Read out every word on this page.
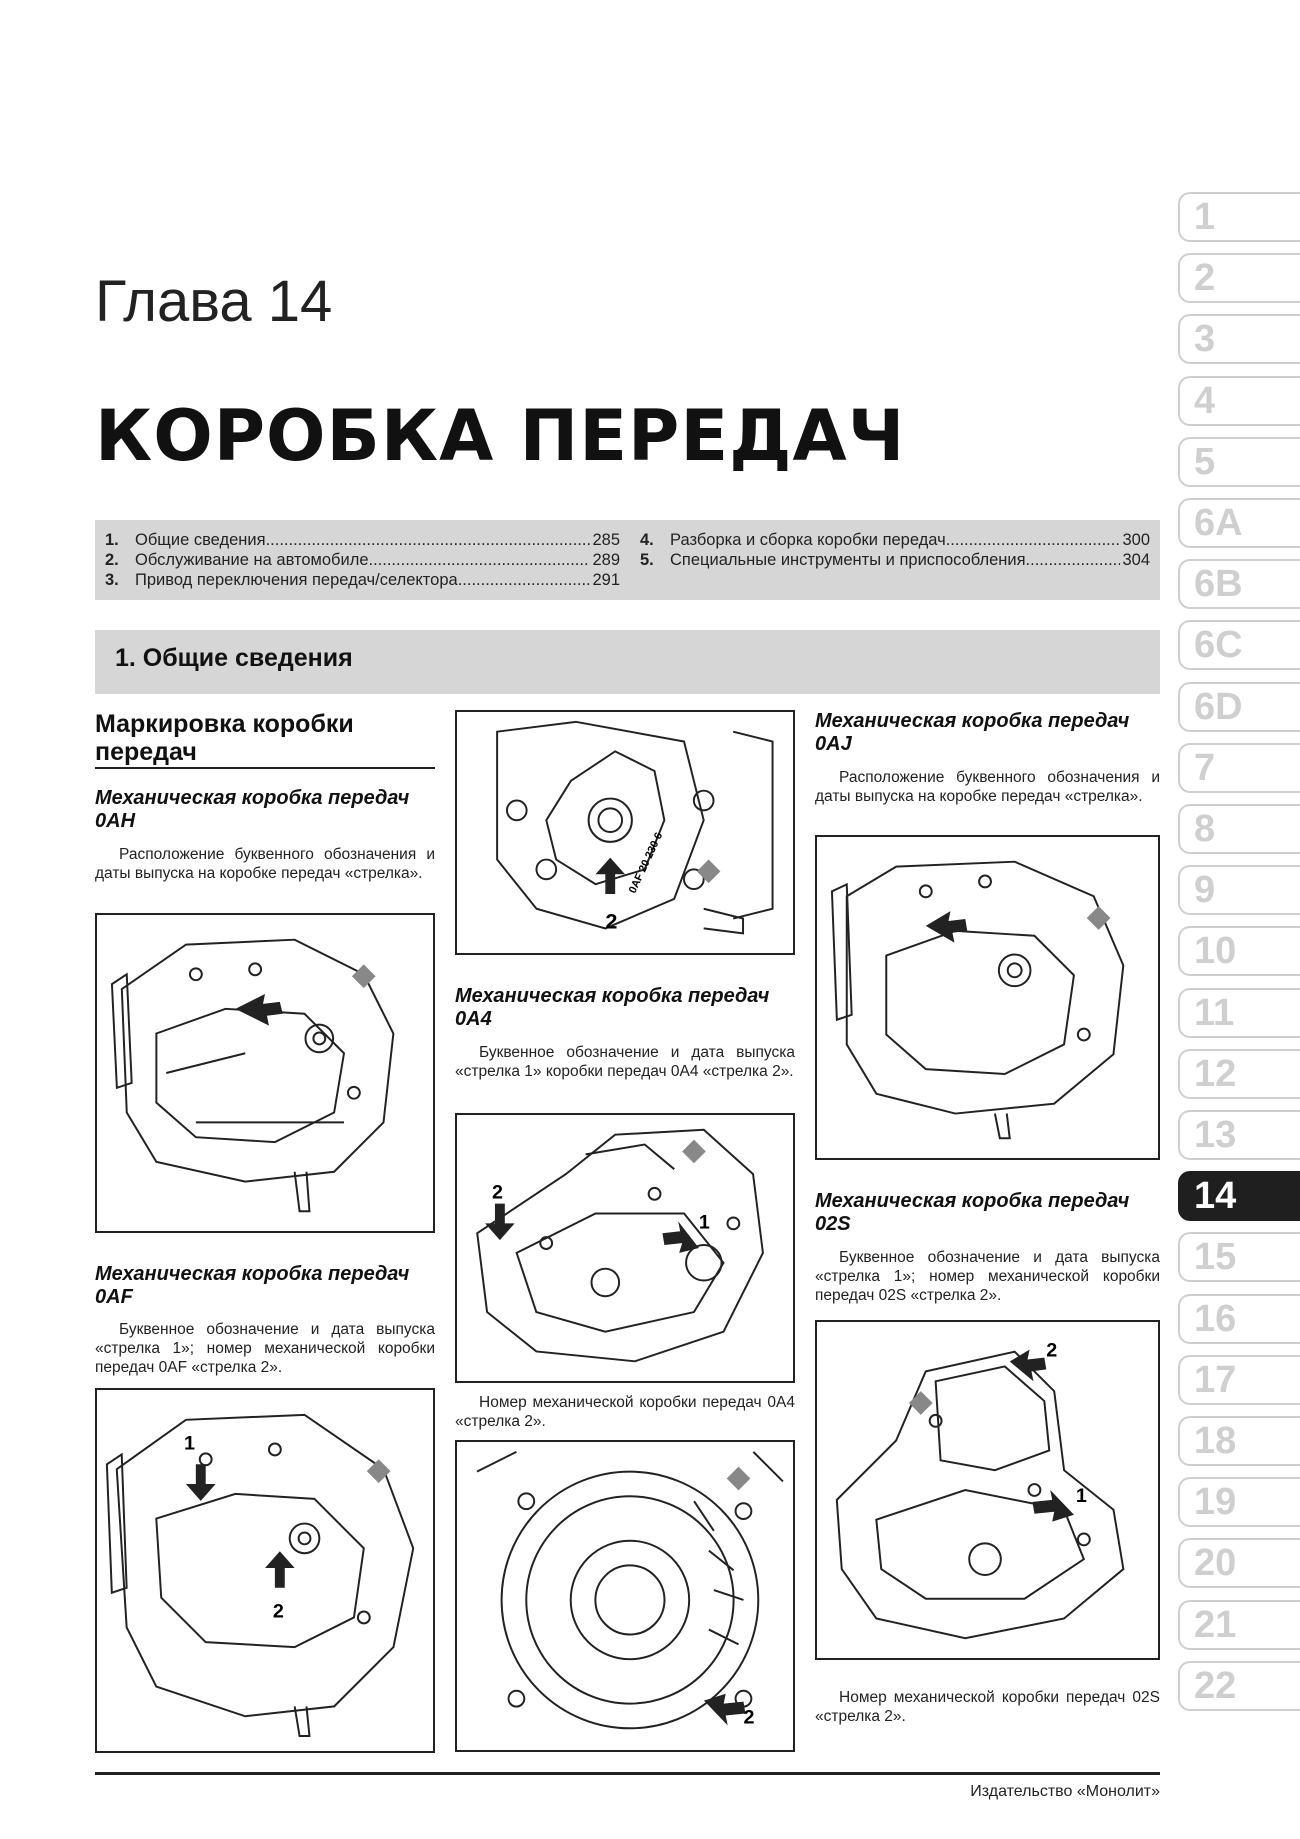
Глава 14
КОРОБКА ПЕРЕДАЧ
1. Общие сведения .....	285
2. Обслуживание на автомобиле .....	289
3. Привод переключения передач/селектора .....	291
4. Разборка и сборка коробки передач .....	300
5. Специальные инструменты и приспособления .....	304
1. Общие сведения
1
2
3
4
5
6A
6B
6C
6D
7
8
9
10
11
12
13
14
15
16
17
18
19
20
21
22
Маркировка коробки передач
Механическая коробка передач 0AH
Расположение буквенного обозначения и даты выпуска на коробке передач «стрелка».
Механическая коробка передач 0AF
Буквенное обозначение и дата выпуска «стрелка 1»; номер механической коробки передач 0AF «стрелка 2».
1
2
2
0AF 20 230 6
Механическая коробка передач 0A4
Буквенное обозначение и дата выпуска «стрелка 1» коробки передач 0A4 «стрелка 2».
2
1
Номер механической коробки передач 0A4 «стрелка 2».
2
Механическая коробка передач 0AJ
Расположение буквенного обозначения и даты выпуска на коробке передач «стрелка».
Механическая коробка передач 02S
Буквенное обозначение и дата выпуска «стрелка 1»; номер механической коробки передач 02S «стрелка 2».
2
1
Номер механической коробки передач 02S «стрелка 2».
Издательство «Монолит»
